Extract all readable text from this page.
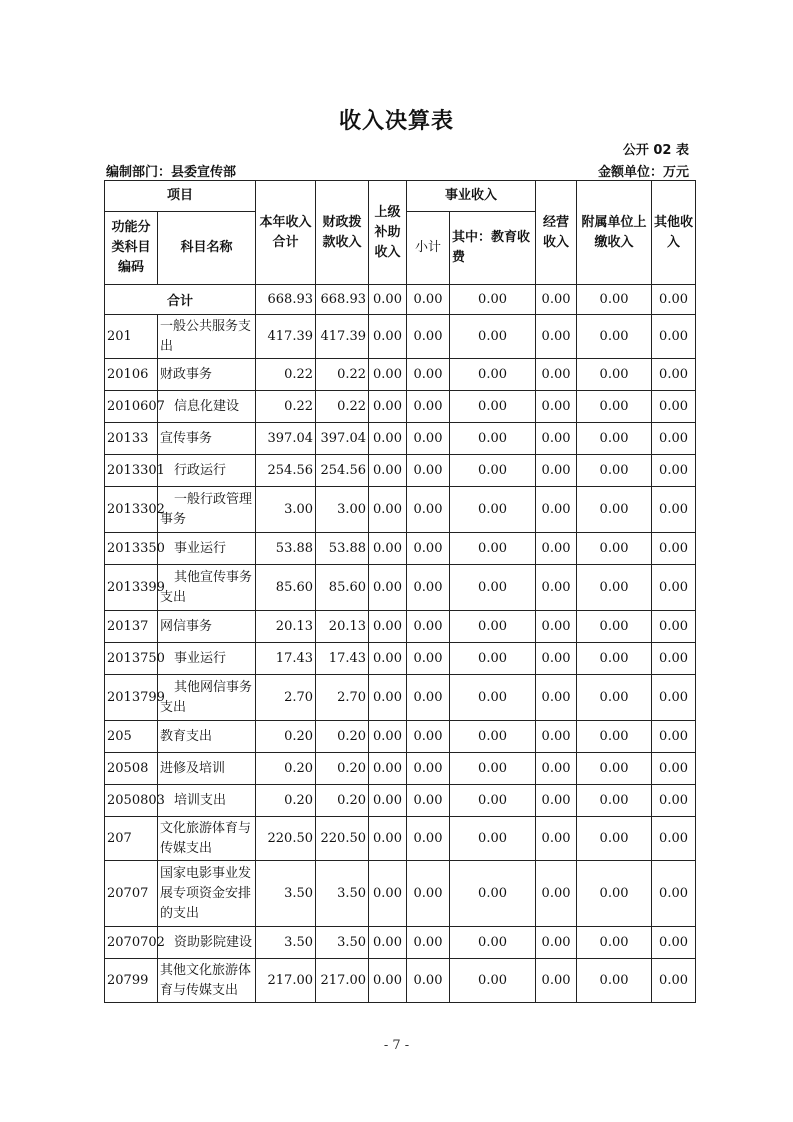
收入决算表
公开 02 表
编制部门：县委宣传部	金额单位：万元
项目		本年收入合计	财政拨款收入	上级补助收入	事业收入		经营收入	附属单位上缴收入	其他收入
功能分类科目编码	科目名称				小计	其中：教育收费			

合计		668.93	668.93	0.00	0.00	0.00	0.00	0.00	0.00
201	一般公共服务支出	417.39	417.39	0.00	0.00	0.00	0.00	0.00	0.00
20106	财政事务	0.22	0.22	0.00	0.00	0.00	0.00	0.00	0.00
2010607	信息化建设	0.22	0.22	0.00	0.00	0.00	0.00	0.00	0.00
20133	宣传事务	397.04	397.04	0.00	0.00	0.00	0.00	0.00	0.00
2013301	行政运行	254.56	254.56	0.00	0.00	0.00	0.00	0.00	0.00
2013302	一般行政管理事务	3.00	3.00	0.00	0.00	0.00	0.00	0.00	0.00
2013350	事业运行	53.88	53.88	0.00	0.00	0.00	0.00	0.00	0.00
2013399	其他宣传事务支出	85.60	85.60	0.00	0.00	0.00	0.00	0.00	0.00
20137	网信事务	20.13	20.13	0.00	0.00	0.00	0.00	0.00	0.00
2013750	事业运行	17.43	17.43	0.00	0.00	0.00	0.00	0.00	0.00
2013799	其他网信事务支出	2.70	2.70	0.00	0.00	0.00	0.00	0.00	0.00
205	教育支出	0.20	0.20	0.00	0.00	0.00	0.00	0.00	0.00
20508	进修及培训	0.20	0.20	0.00	0.00	0.00	0.00	0.00	0.00
2050803	培训支出	0.20	0.20	0.00	0.00	0.00	0.00	0.00	0.00
207	文化旅游体育与传媒支出	220.50	220.50	0.00	0.00	0.00	0.00	0.00	0.00
20707	国家电影事业发展专项资金安排的支出	3.50	3.50	0.00	0.00	0.00	0.00	0.00	0.00
2070702	资助影院建设	3.50	3.50	0.00	0.00	0.00	0.00	0.00	0.00
20799	其他文化旅游体育与传媒支出	217.00	217.00	0.00	0.00	0.00	0.00	0.00	0.00
- 7 -
